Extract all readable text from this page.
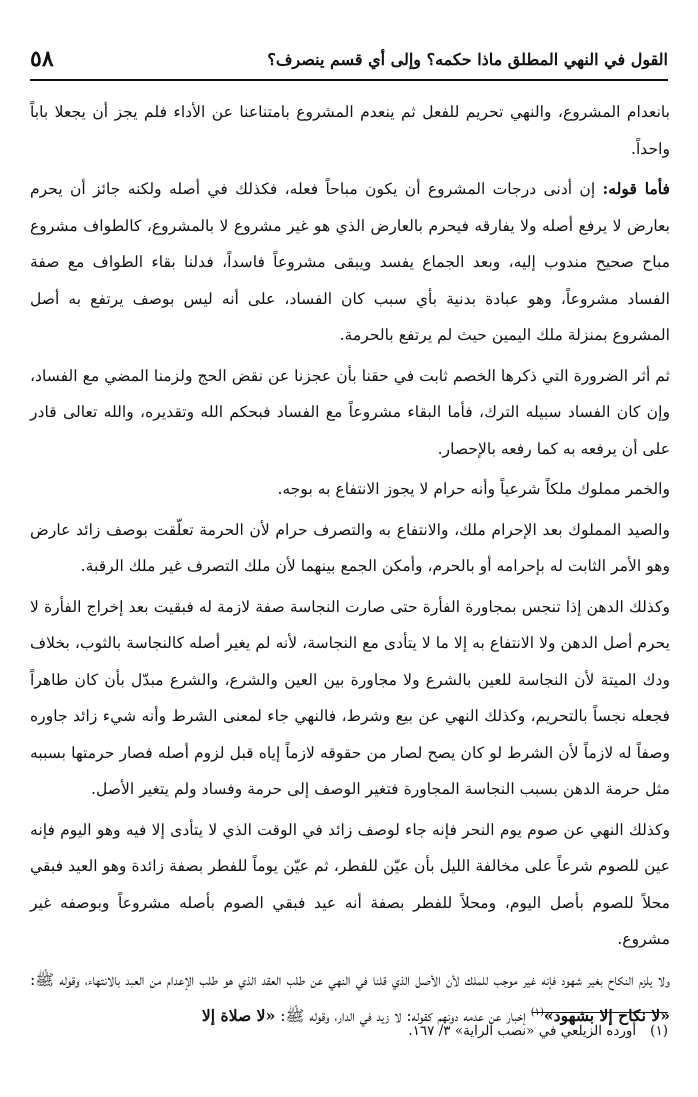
القول في النهي المطلق ماذا حكمه؟ وإلى أي قسم ينصرف؟
٥٨

بانعدام المشروع، والنهي تحريم للفعل ثم ينعدم المشروع بامتناعنا عن الأداء فلم يجز أن يجعلا باباً واحداً.

فأما قوله: إن أدنى درجات المشروع أن يكون مباحاً فعله، فكذلك في أصله ولكنه جائز أن يحرم بعارض لا يرفع أصله ولا يفارقه فيحرم بالعارض الذي هو غير مشروع لا بالمشروع، كالطواف مشروع مباح صحيح مندوب إليه، وبعد الجماع يفسد ويبقى مشروعاً فاسداً، فدلنا بقاء الطواف مع صفة الفساد مشروعاً، وهو عبادة بدنية بأي سبب كان الفساد، على أنه ليس بوصف يرتفع به أصل المشروع بمنزلة ملك اليمين حيث لم يرتفع بالحرمة.

ثم أثر الضرورة التي ذكرها الخصم ثابت في حقنا بأن عجزنا عن نقض الحج ولزمنا المضي مع الفساد، وإن كان الفساد سبيله الترك، فأما البقاء مشروعاً مع الفساد فبحكم الله وتقديره، والله تعالى قادر على أن يرفعه به كما رفعه بالإحصار.

والخمر مملوك ملكاً شرعياً وأنه حرام لا يجوز الانتفاع به بوجه.

والصيد المملوك بعد الإحرام ملك، والانتفاع به والتصرف حرام لأن الحرمة تعلّقت بوصف زائد عارض وهو الأمر الثابت له بإحرامه أو بالحرم، وأمكن الجمع بينهما لأن ملك التصرف غير ملك الرقبة.

وكذلك الدهن إذا تنجس بمجاورة الفأرة حتى صارت النجاسة صفة لازمة له فبقيت بعد إخراج الفأرة لا يحرم أصل الدهن ولا الانتفاع به إلا ما لا يتأدى مع النجاسة، لأنه لم يغير أصله كالنجاسة بالثوب، بخلاف ودك الميتة لأن النجاسة للعين بالشرع ولا مجاورة بين العين والشرع، والشرع مبدّل بأن كان طاهراً فجعله نجساً بالتحريم، وكذلك النهي عن بيع وشرط، فالنهي جاء لمعنى الشرط وأنه شيء زائد جاوره وصفاً له لازماً لأن الشرط لو كان يصح لصار من حقوقه لازماً إياه قبل لزوم أصله فصار حرمتها بسببه مثل حرمة الدهن بسبب النجاسة المجاورة فتغير الوصف إلى حرمة وفساد ولم يتغير الأصل.

وكذلك النهي عن صوم يوم النحر فإنه جاء لوصف زائد في الوقت الذي لا يتأدى إلا فيه وهو اليوم فإنه عين للصوم شرعاً على مخالفة الليل بأن عيّن للفطر، ثم عيّن يوماً للفطر بصفة زائدة وهو العيد فبقي محلاً للصوم بأصل اليوم، ومحلاً للفطر بصفة أنه عيد فبقي الصوم بأصله مشروعاً وبوصفه غير مشروع.

ولا يلزم النكاح بغير شهود فإنه غير موجب للملك لأن الأصل الذي قلنا في النهي عن طلب العقد الذي هو طلب الإعدام من العبد بالانتهاء، وقوله ﷺ: «لا نكاح إلا بشهود»$^{(١)}$ إخبار عن عدمه دونهم كقوله: لا زيد في الدار، وقوله ﷺ: «لا صلاة إلا

(١)أورده الزيلعي في «نصب الراية» ٣/ ١٦٧.
